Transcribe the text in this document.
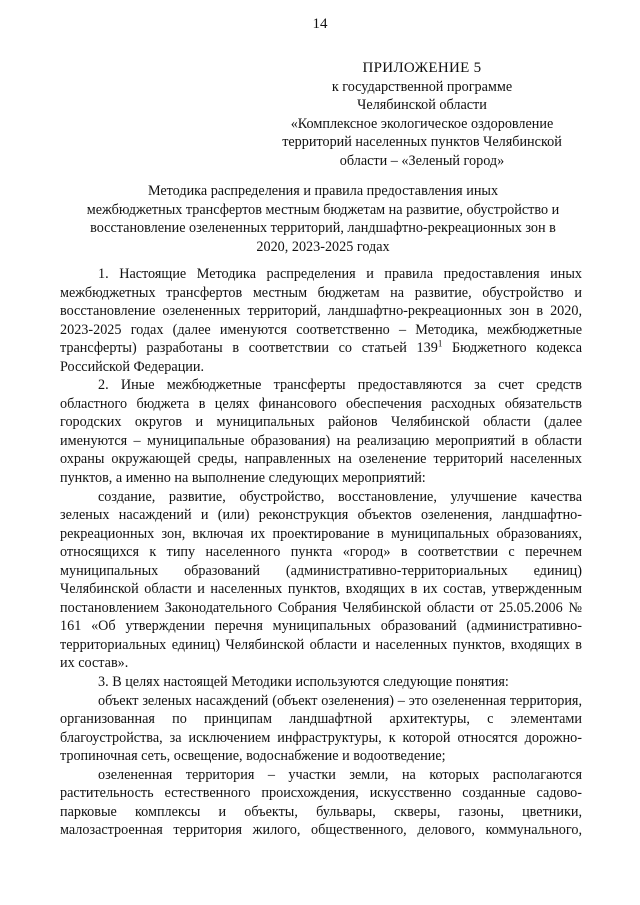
14
ПРИЛОЖЕНИЕ 5
к государственной программе
Челябинской области
«Комплексное экологическое оздоровление
территорий населенных пунктов Челябинской
области – «Зеленый город»
Методика распределения и правила предоставления иных
межбюджетных трансфертов местным бюджетам на развитие, обустройство и
восстановление озелененных территорий, ландшафтно-рекреационных зон в
2020, 2023-2025 годах

1. Настоящие Методика распределения и правила предоставления иных межбюджетных трансфертов местным бюджетам на развитие, обустройство и восстановление озелененных территорий, ландшафтно-рекреационных зон в 2020, 2023-2025 годах (далее именуются соответственно – Методика, межбюджетные трансферты) разработаны в соответствии со статьей $139^1$ Бюджетного кодекса Российской Федерации.

2. Иные межбюджетные трансферты предоставляются за счет средств областного бюджета в целях финансового обеспечения расходных обязательств городских округов и муниципальных районов Челябинской области (далее именуются – муниципальные образования) на реализацию мероприятий в области охраны окружающей среды, направленных на озеленение территорий населенных пунктов, а именно на выполнение следующих мероприятий:

создание, развитие, обустройство, восстановление, улучшение качества зеленых насаждений и (или) реконструкция объектов озеленения, ландшафтно-рекреационных зон, включая их проектирование в муниципальных образованиях, относящихся к типу населенного пункта «город» в соответствии с перечнем муниципальных образований (административно-территориальных единиц) Челябинской области и населенных пунктов, входящих в их состав, утвержденным постановлением Законодательного Собрания Челябинской области от 25.05.2006 № 161 «Об утверждении перечня муниципальных образований (административно-территориальных единиц) Челябинской области и населенных пунктов, входящих в их состав».

3. В целях настоящей Методики используются следующие понятия:

объект зеленых насаждений (объект озеленения) – это озелененная территория, организованная по принципам ландшафтной архитектуры, с элементами благоустройства, за исключением инфраструктуры, к которой относятся дорожно-тропиночная сеть, освещение, водоснабжение и водоотведение;

озелененная территория – участки земли, на которых располагаются растительность естественного происхождения, искусственно созданные садово-парковые комплексы и объекты, бульвары, скверы, газоны, цветники, малозастроенная территория жилого, общественного, делового, коммунального,
